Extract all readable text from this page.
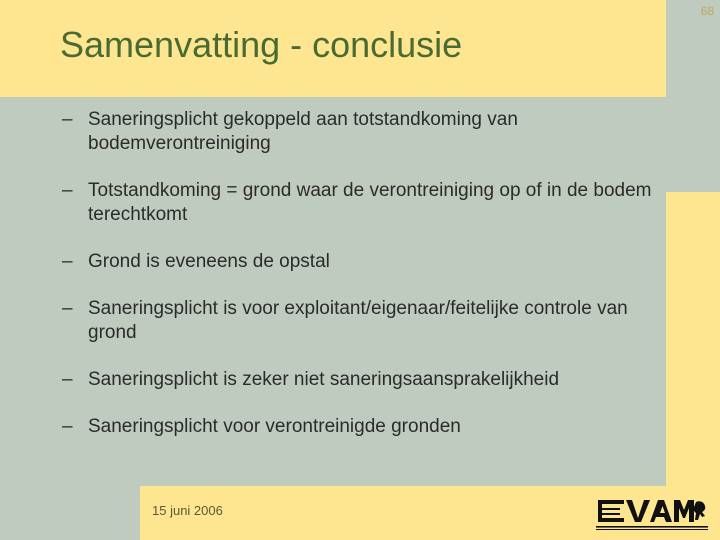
68
Samenvatting - conclusie
– Saneringsplicht gekoppeld aan totstandkoming van bodemverontreiniging
– Totstandkoming = grond waar de verontreiniging op of in de bodem terechtkomt
– Grond is eveneens de opstal
– Saneringsplicht is voor exploitant/eigenaar/feitelijke controle van grond
– Saneringsplicht is zeker niet saneringsaansprakelijkheid
– Saneringsplicht voor verontreinigde gronden
15 juni 2006
